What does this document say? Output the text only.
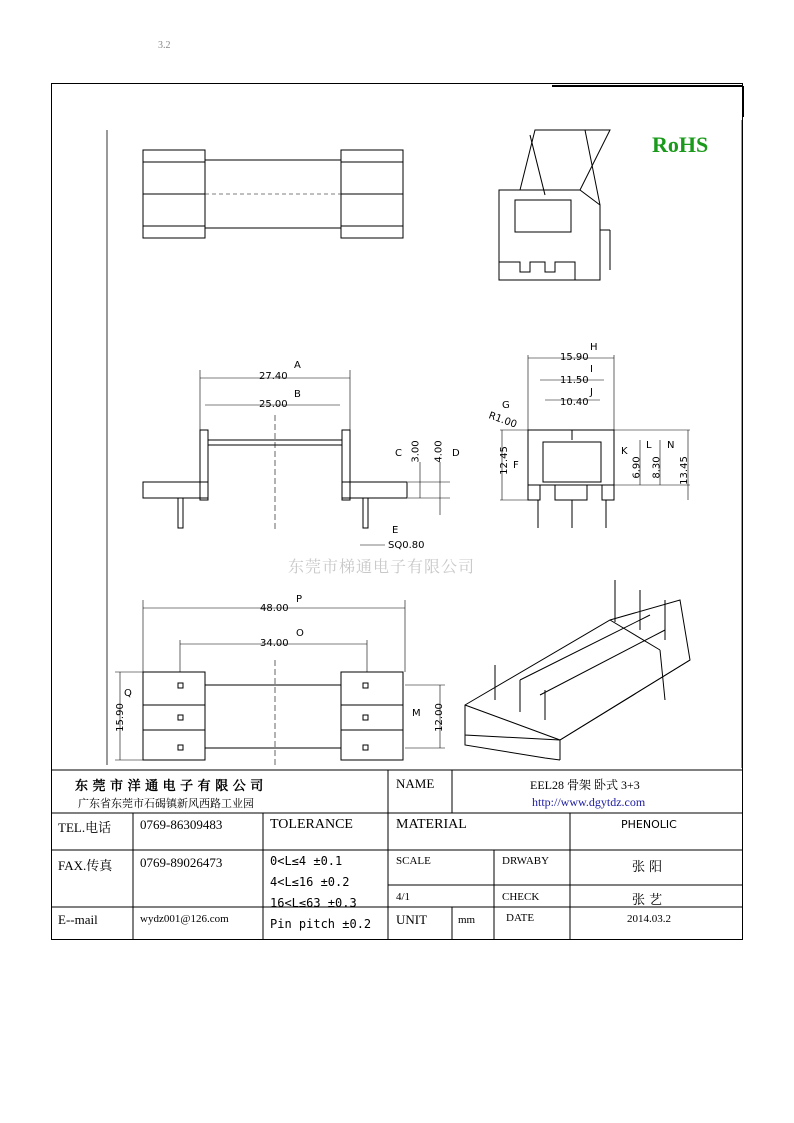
3.2
RoHS
东莞市梯通电子有限公司
27.40
A
25.00
B
3.00
C	4.00 D
E
SQ0.80
12.45 F
G
R1.00
15.90
H
11.50
I
10.40
J
K
6.90
L
8.30
N
13.45
48.00
P
34.00
O
Q
15.90	M 12.00
东 莞 市 洋 通 电 子 有 限 公 司
广东省东莞市石碣镇新风西路工业园
NAME	EEL28 骨架 卧式 3+3
http://www.dgytdz.com
TEL.电话 0769-86309483	TOLERANCE	MATERIAL	PHENOLIC
FAX.传真 0769-89026473	0<L≤4 ±0.1
4<L≤16 ±0.2
16<L≤63 ±0.3
Pin pitch ±0.2
SCALE	DRWABY	张 阳
4/1	CHECK	张 艺
E--mail	wydz001@126.com	UNIT	mm	DATE	2014.03.2
